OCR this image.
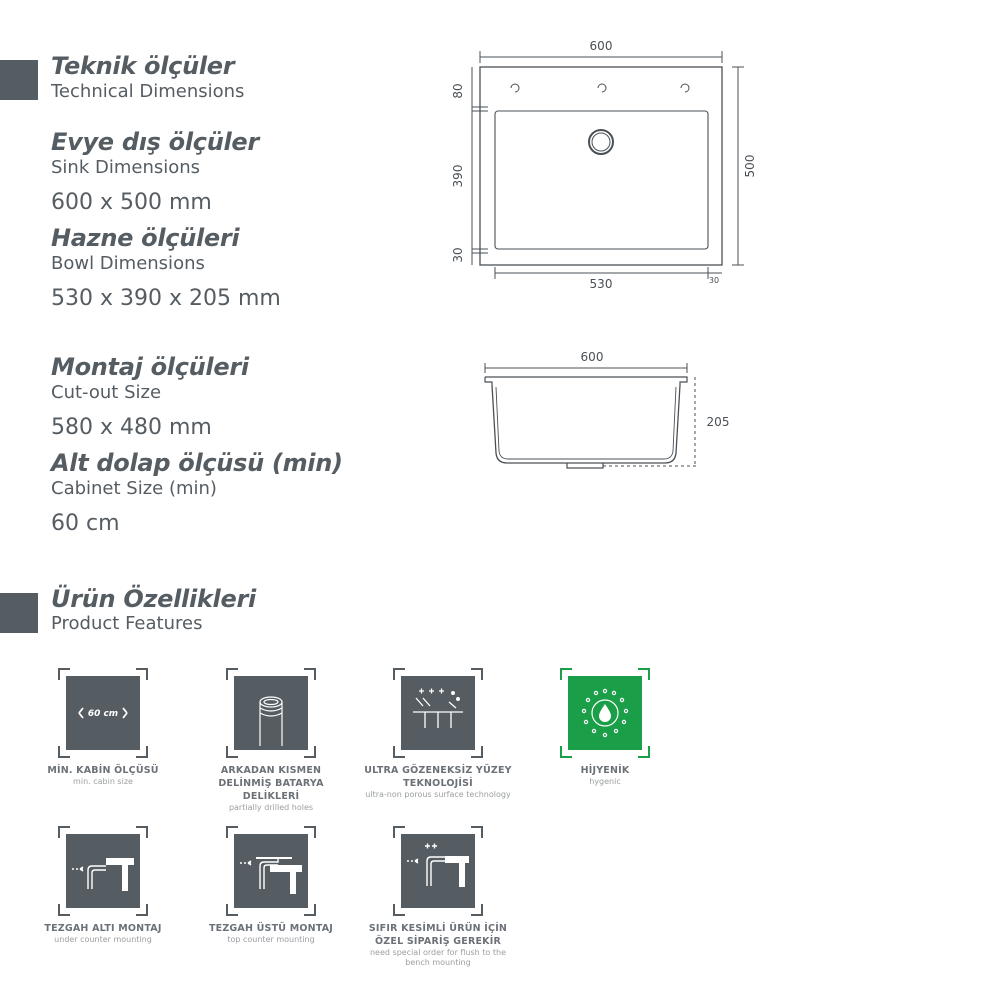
Teknik ölçüler
Technical Dimensions
Evye dış ölçüler
Sink Dimensions
600 x 500 mm
Hazne ölçüleri
Bowl Dimensions
530 x 390 x 205 mm
Montaj ölçüleri
Cut-out Size
580 x 480 mm
Alt dolap ölçüsü (min)
Cabinet Size (min)
60 cm
600
500
80
390
30
530	30
600
205
Ürün Özellikleri
Product Features
60 cm
MİN. KABİN ÖLÇÜSÜ
min. cabin size
ARKADAN KISMEN DELİNMİŞ BATARYA DELİKLERİ
partially drilled holes
ULTRA GÖZENEKSİZ YÜZEY TEKNOLOJİSİ
ultra-non porous surface technology
HİJYENİK
hygenic
TEZGAH ALTI MONTAJ
under counter mounting
TEZGAH ÜSTÜ MONTAJ
top counter mounting
SIFIR KESİMLİ ÜRÜN İÇİN ÖZEL SİPARİŞ GEREKİR
need special order for flush to the bench mounting
